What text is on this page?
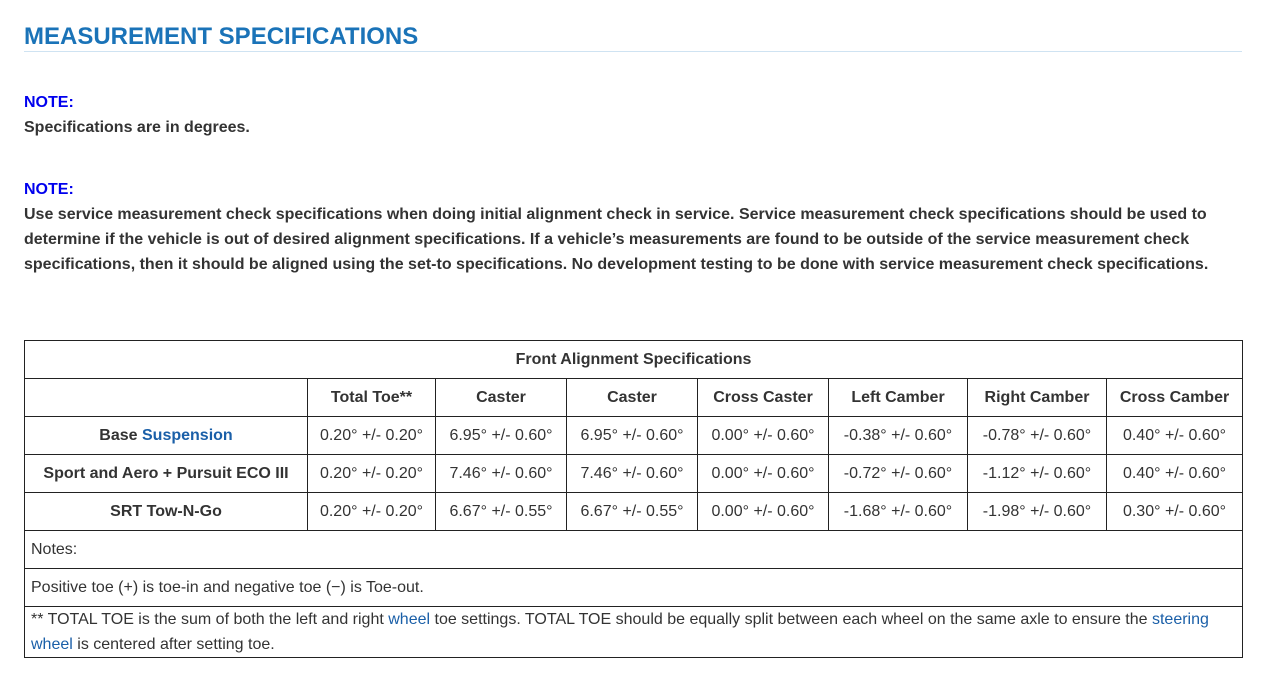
MEASUREMENT SPECIFICATIONS
NOTE:
Specifications are in degrees.
NOTE:
Use service measurement check specifications when doing initial alignment check in service. Service measurement check specifications should be used to determine if the vehicle is out of desired alignment specifications. If a vehicle’s measurements are found to be outside of the service measurement check specifications, then it should be aligned using the set-to specifications. No development testing to be done with service measurement check specifications.
Front Alignment Specifications							
	Total Toe**	Caster	Caster	Cross Caster	Left Camber	Right Camber	Cross Camber
Base Suspension	0.20° +/- 0.20°	6.95° +/- 0.60°	6.95° +/- 0.60°	0.00° +/- 0.60°	-0.38° +/- 0.60°	-0.78° +/- 0.60°	0.40° +/- 0.60°
Sport and Aero + Pursuit ECO III	0.20° +/- 0.20°	7.46° +/- 0.60°	7.46° +/- 0.60°	0.00° +/- 0.60°	-0.72° +/- 0.60°	-1.12° +/- 0.60°	0.40° +/- 0.60°
SRT Tow-N-Go	0.20° +/- 0.20°	6.67° +/- 0.55°	6.67° +/- 0.55°	0.00° +/- 0.60°	-1.68° +/- 0.60°	-1.98° +/- 0.60°	0.30° +/- 0.60°
Notes:							
Positive toe (+) is toe-in and negative toe (−) is Toe-out.							
** TOTAL TOE is the sum of both the left and right wheel toe settings. TOTAL TOE should be equally split between each wheel on the same axle to ensure the steering wheel is centered after setting toe.							
